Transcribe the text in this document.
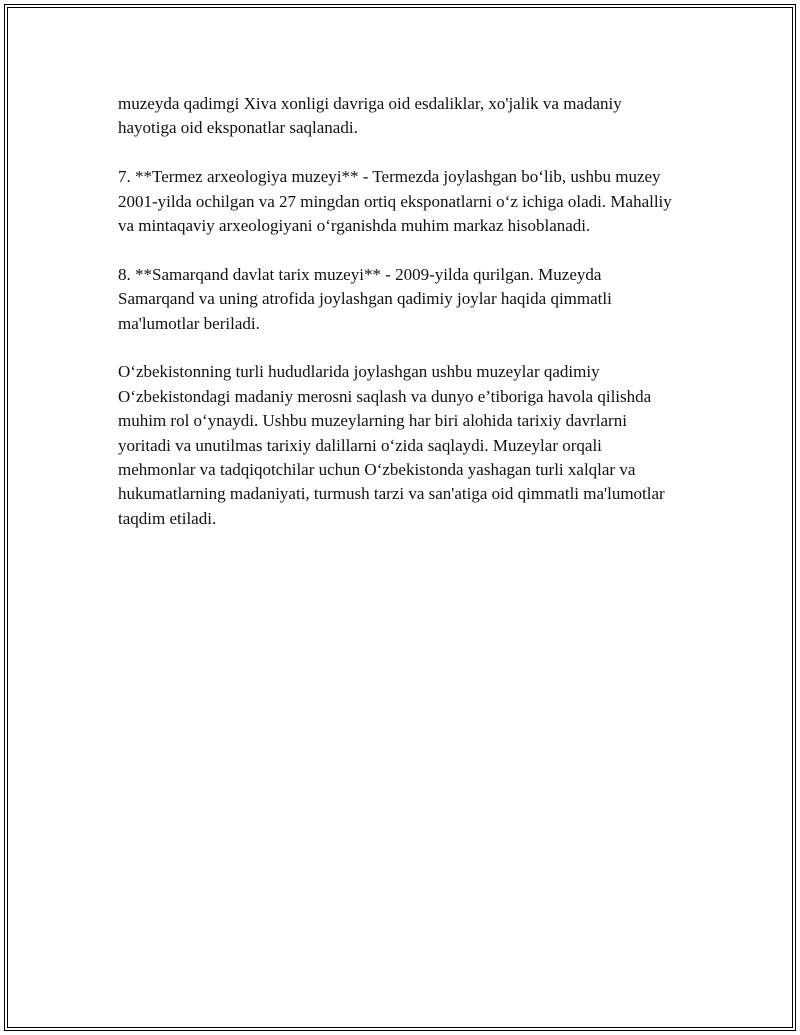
muzeyda qadimgi Xiva xonligi davriga oid esdaliklar, xo'jalik va madaniy hayotiga oid eksponatlar saqlanadi.

7. **Termez arxeologiya muzeyi** - Termezda joylashgan bo‘lib, ushbu muzey 2001-yilda ochilgan va 27 mingdan ortiq eksponatlarni o‘z ichiga oladi. Mahalliy va mintaqaviy arxeologiyani o‘rganishda muhim markaz hisoblanadi.

8. **Samarqand davlat tarix muzeyi** - 2009-yilda qurilgan. Muzeyda Samarqand va uning atrofida joylashgan qadimiy joylar haqida qimmatli ma'lumotlar beriladi.

O‘zbekistonning turli hududlarida joylashgan ushbu muzeylar qadimiy O‘zbekistondagi madaniy merosni saqlash va dunyo e’tiboriga havola qilishda muhim rol o‘ynaydi. Ushbu muzeylarning har biri alohida tarixiy davrlarni yoritadi va unutilmas tarixiy dalillarni o‘zida saqlaydi. Muzeylar orqali mehmonlar va tadqiqotchilar uchun O‘zbekistonda yashagan turli xalqlar va hukumatlarning madaniyati, turmush tarzi va san'atiga oid qimmatli ma'lumotlar taqdim etiladi.
